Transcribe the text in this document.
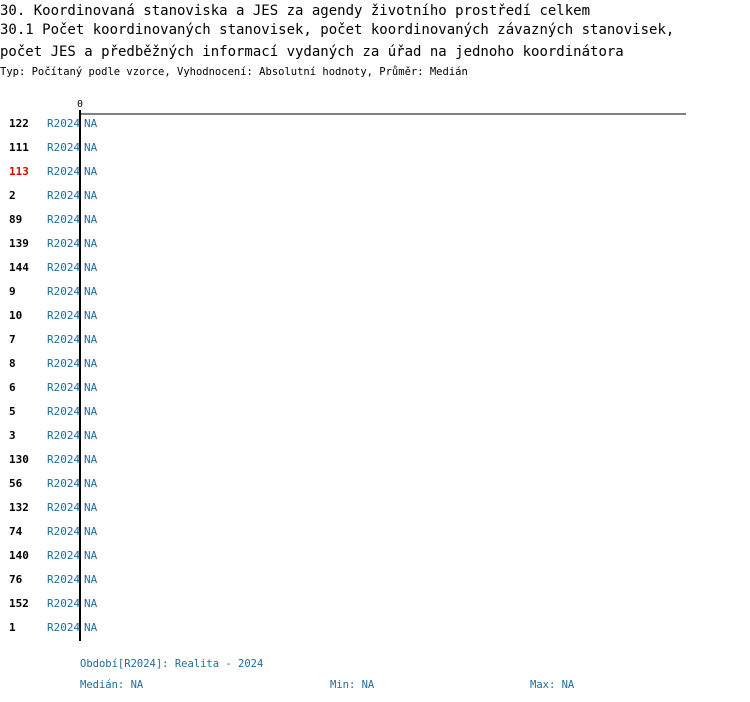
30. Koordinovaná stanoviska a JES za agendy životního prostředí celkem
30.1 Počet koordinovaných stanovisek, počet koordinovaných závazných stanovisek,
počet JES a předběžných informací vydaných za úřad na jednoho koordinátora
Typ: Počítaný podle vzorce, Vyhodnocení: Absolutní hodnoty, Průměr: Medián
0
122 R2024 NA
111 R2024 NA
113 R2024 NA
2	R2024 NA
89 R2024 NA
139 R2024 NA
144 R2024 NA
9	R2024 NA
10 R2024 NA
7	R2024 NA
8	R2024 NA
6	R2024 NA
5	R2024 NA
3	R2024 NA
130 R2024 NA
56 R2024 NA
132 R2024 NA
74 R2024 NA
140 R2024 NA
76 R2024 NA
152 R2024 NA
1	R2024 NA
Období[R2024]: Realita - 2024
Medián: NA	Min: NA	Max: NA
